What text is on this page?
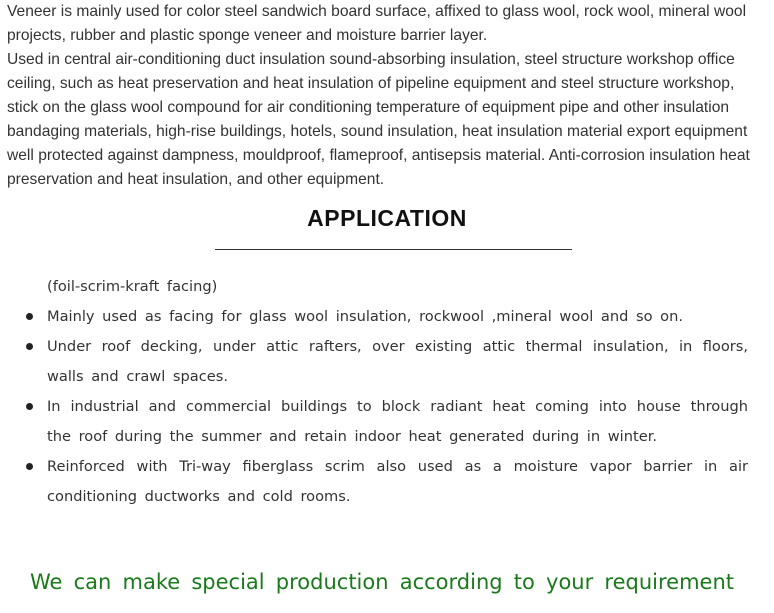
Veneer is mainly used for color steel sandwich board surface, affixed to glass wool, rock wool, mineral wool projects, rubber and plastic sponge veneer and moisture barrier layer.

Used in central air-conditioning duct insulation sound-absorbing insulation, steel structure workshop office ceiling, such as heat preservation and heat insulation of pipeline equipment and steel structure workshop, stick on the glass wool compound for air conditioning temperature of equipment pipe and other insulation bandaging materials, high-rise buildings, hotels, sound insulation, heat insulation material export equipment well protected against dampness, mouldproof, flameproof, antisepsis material. Anti-corrosion insulation heat preservation and heat insulation, and other equipment.

APPLICATION

(foil-scrim-kraft facing)

Mainly used as facing for glass wool insulation, rockwool ,mineral wool and so on.
Under roof decking, under attic rafters, over existing attic thermal insulation, in floors, walls and crawl spaces.
In industrial and commercial buildings to block radiant heat coming into house through the roof during the summer and retain indoor heat generated during in winter.
Reinforced with Tri-way fiberglass scrim also used as a moisture vapor barrier in air conditioning ductworks and cold rooms.

We can make special production according to your requirement
